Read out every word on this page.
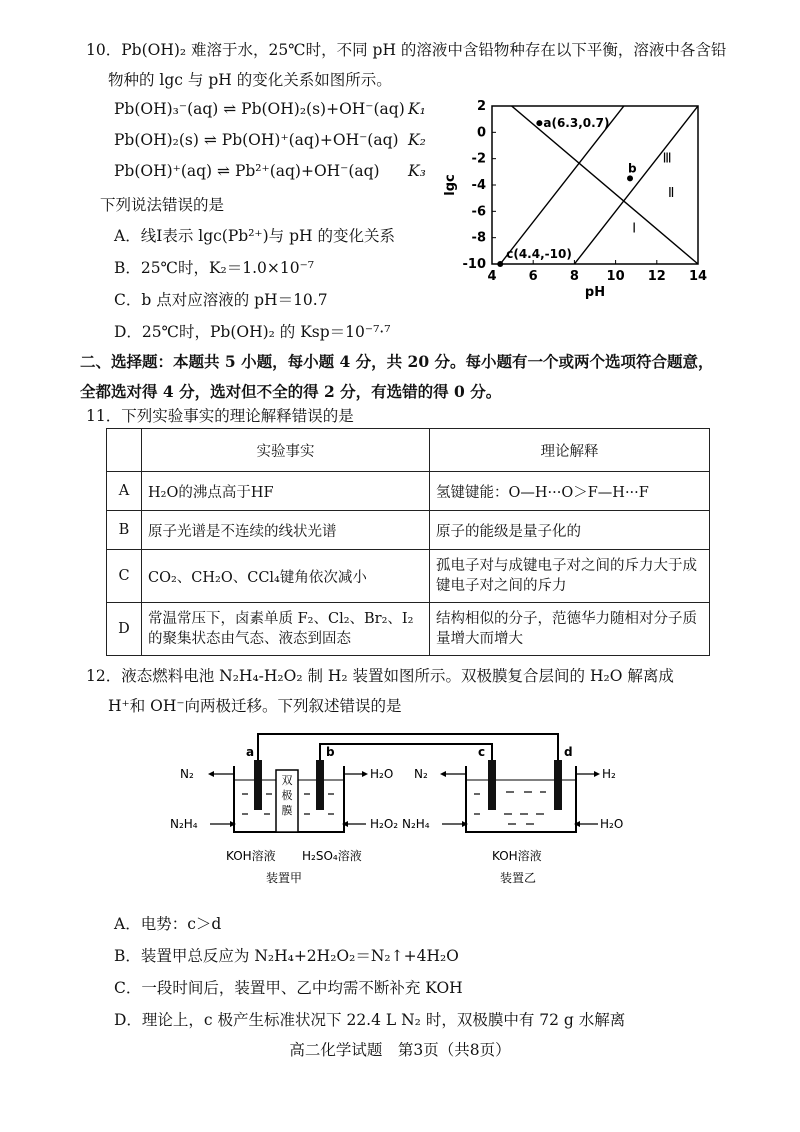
10．Pb(OH)₂ 难溶于水，25℃时，不同 pH 的溶液中含铅物种存在以下平衡，溶液中各含铅
物种的 lgc 与 pH 的变化关系如图所示。
Pb(OH)₃⁻(aq) ⇌ Pb(OH)₂(s)+OH⁻(aq) K₁
Pb(OH)₂(s) ⇌ Pb(OH)⁺(aq)+OH⁻(aq) K₂
Pb(OH)⁺(aq) ⇌ Pb²⁺(aq)+OH⁻(aq) K₃
下列说法错误的是
A．线Ⅰ表示 lgc(Pb²⁺)与 pH 的变化关系
B．25℃时，K₂＝1.0×10⁻⁷
C．b 点对应溶液的 pH＝10.7
D．25℃时，Pb(OH)₂ 的 Ksp＝10⁻⁷·⁷
4 6 8 10 12 14
2
0
-2
-4
-6
-8
-10
pH
lgc
Ⅰ
Ⅱ
Ⅲ
a(6.3,0.7)
b
c(4.4,-10)
二、选择题：本题共 5 小题，每小题 4 分，共 20 分。每小题有一个或两个选项符合题意，
全都选对得 4 分，选对但不全的得 2 分，有选错的得 0 分。
11．下列实验事实的理论解释错误的是
	实验事实	理论解释
A	H₂O的沸点高于HF	氢键键能：O—H···O＞F—H···F
B	原子光谱是不连续的线状光谱	原子的能级是量子化的
C	CO₂、CH₂O、CCl₄键角依次减小	孤电子对与成键电子对之间的斥力大于成键电子对之间的斥力
D	常温常压下，卤素单质 F₂、Cl₂、Br₂、I₂ 的聚集状态由气态、液态到固态	结构相似的分子，范德华力随相对分子质量增大而增大
12．液态燃料电池 N₂H₄-H₂O₂ 制 H₂ 装置如图所示。双极膜复合层间的 H₂O 解离成
H⁺和 OH⁻向两极迁移。下列叙述错误的是
双
极
膜
a	b
N₂	H₂O
N₂H₄	H₂O₂
KOH溶液 H₂SO₄溶液
装置甲
c	d
N₂	H₂
N₂H₄	H₂O
KOH溶液
装置乙
A．电势：c＞d
B．装置甲总反应为 N₂H₄+2H₂O₂＝N₂↑+4H₂O
C．一段时间后，装置甲、乙中均需不断补充 KOH
D．理论上，c 极产生标准状况下 22.4 L N₂ 时，双极膜中有 72 g 水解离
高二化学试题　第3页（共8页）
